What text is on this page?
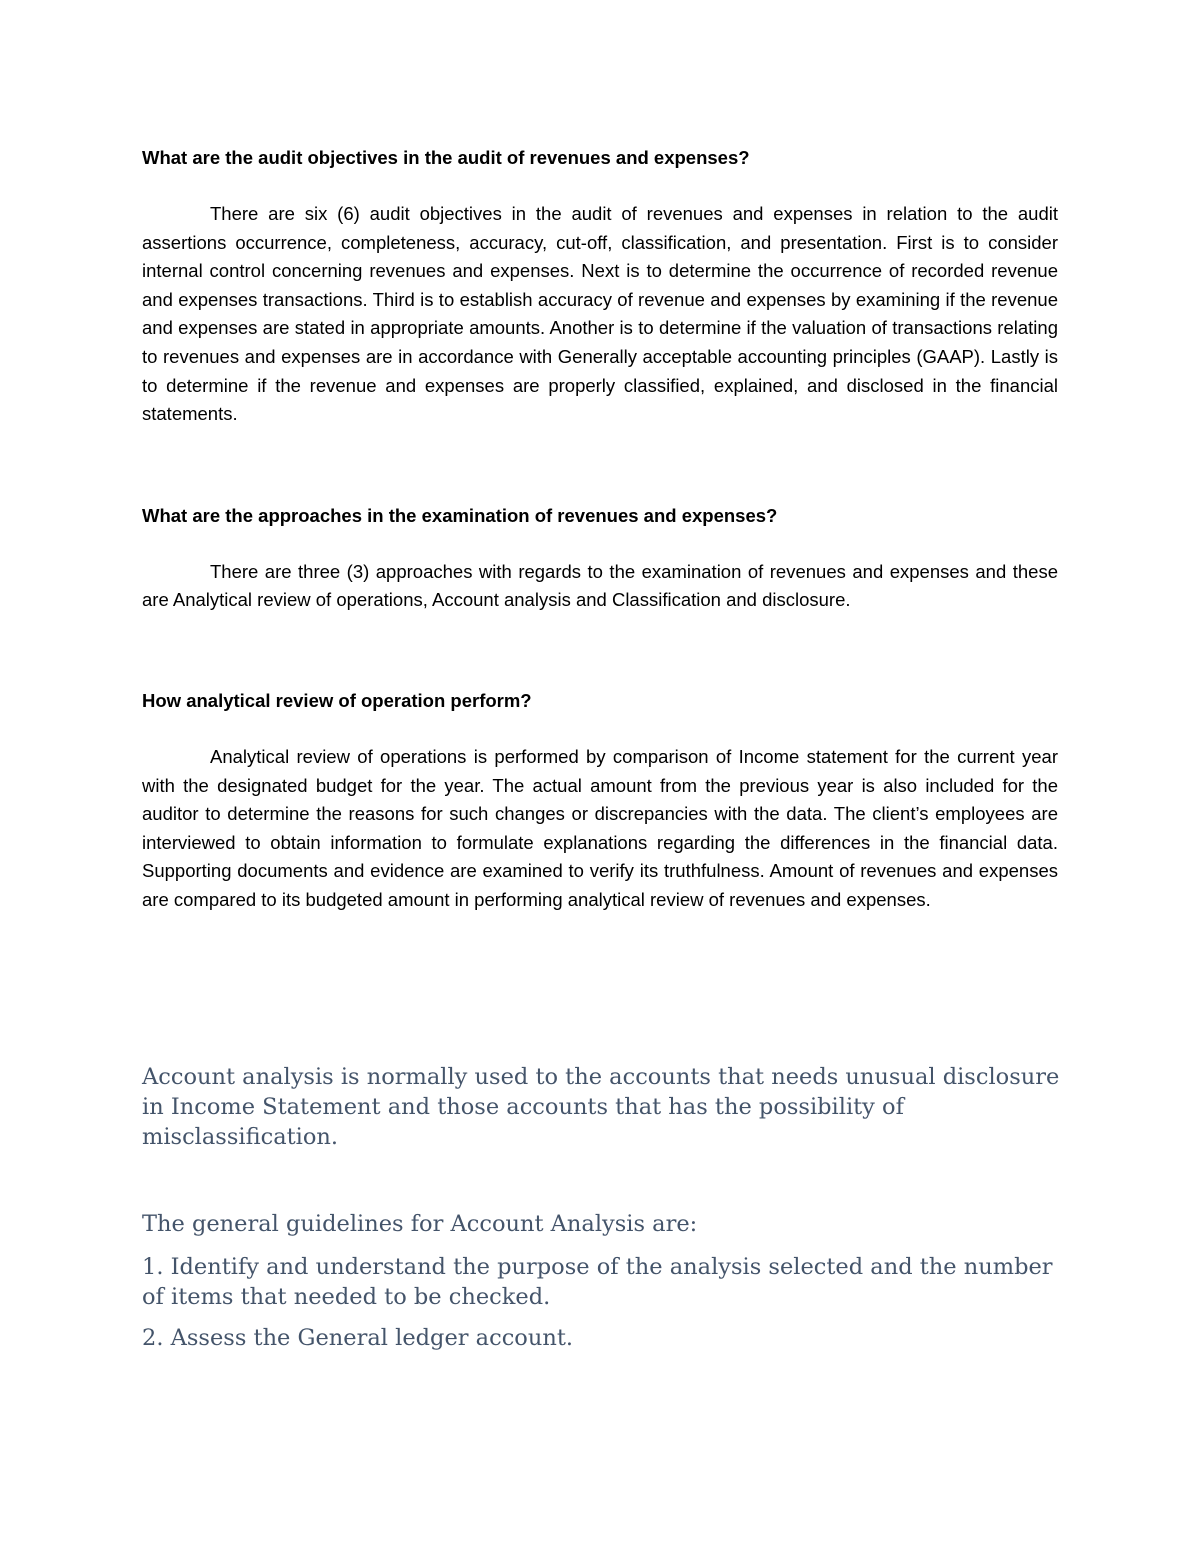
What are the audit objectives in the audit of revenues and expenses?

There are six (6) audit objectives in the audit of revenues and expenses in relation to the audit assertions occurrence, completeness, accuracy, cut-off, classification, and presentation. First is to consider internal control concerning revenues and expenses. Next is to determine the occurrence of recorded revenue and expenses transactions. Third is to establish accuracy of revenue and expenses by examining if the revenue and expenses are stated in appropriate amounts. Another is to determine if the valuation of transactions relating to revenues and expenses are in accordance with Generally acceptable accounting principles (GAAP). Lastly is to determine if the revenue and expenses are properly classified, explained, and disclosed in the financial statements.

What are the approaches in the examination of revenues and expenses?

There are three (3) approaches with regards to the examination of revenues and expenses and these are Analytical review of operations, Account analysis and Classification and disclosure.

How analytical review of operation perform?

Analytical review of operations is performed by comparison of Income statement for the current year with the designated budget for the year. The actual amount from the previous year is also included for the auditor to determine the reasons for such changes or discrepancies with the data. The client’s employees are interviewed to obtain information to formulate explanations regarding the differences in the financial data. Supporting documents and evidence are examined to verify its truthfulness. Amount of revenues and expenses are compared to its budgeted amount in performing analytical review of revenues and expenses.

Account analysis is normally used to the accounts that needs unusual disclosure in Income Statement and those accounts that has the possibility of misclassification.

The general guidelines for Account Analysis are:

1. Identify and understand the purpose of the analysis selected and the number of items that needed to be checked.

2. Assess the General ledger account.
